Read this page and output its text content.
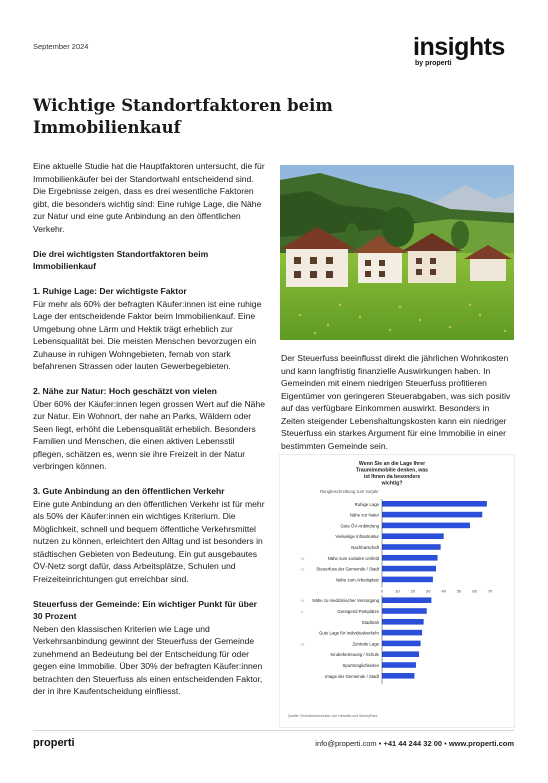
September 2024	insights
by properti
Wichtige Standortfaktoren beim Immobilienkauf

Eine aktuelle Studie hat die Hauptfaktoren untersucht, die für Immobilienkäufer bei der Standortwahl entscheidend sind. Die Ergebnisse zeigen, dass es drei wesentliche Faktoren gibt, die besonders wichtig sind: Eine ruhige Lage, die Nähe zur Natur und eine gute Anbindung an den öffentlichen Verkehr.

Die drei wichtigsten Standortfaktoren beim Immobilienkauf
1. Ruhige Lage: Der wichtigste Faktor
Für mehr als 60% der befragten Käufer:innen ist eine ruhige Lage der entscheidende Faktor beim Immobilienkauf. Eine Umgebung ohne Lärm und Hektik trägt erheblich zur Lebensqualität bei. Die meisten Menschen bevorzugen ein Zuhause in ruhigen Wohngebieten, fernab von stark befahrenen Strassen oder lauten Gewerbegebieten.
2. Nähe zur Natur: Hoch geschätzt von vielen
Über 60% der Käufer:innen legen grossen Wert auf die Nähe zur Natur. Ein Wohnort, der nahe an Parks, Wäldern oder Seen liegt, erhöht die Lebensqualität erheblich. Besonders Familien und Menschen, die einen aktiven Lebensstil pflegen, schätzen es, wenn sie ihre Freizeit in der Natur verbringen können.
3. Gute Anbindung an den öffentlichen Verkehr
Eine gute Anbindung an den öffentlichen Verkehr ist für mehr als 50% der Käufer:innen ein wichtiges Kriterium. Die Möglichkeit, schnell und bequem öffentliche Verkehrsmittel nutzen zu können, erleichtert den Alltag und ist besonders in städtischen Gebieten von Bedeutung. Ein gut ausgebautes ÖV-Netz sorgt dafür, dass Arbeitsplätze, Schulen und Freizeiteinrichtungen gut erreichbar sind.
Steuerfuss der Gemeinde: Ein wichtiger Punkt für über 30 Prozent
Neben den klassischen Kriterien wie Lage und Verkehrsanbindung gewinnt der Steuerfuss der Gemeinde zunehmend an Bedeutung bei der Entscheidung für oder gegen eine Immobilie. Über 30% der befragten Käufer:innen betrachten den Steuerfuss als einen entscheidenden Faktor, der in ihre Kaufentscheidung einfliesst.

Der Steuerfuss beeinflusst direkt die jährlichen Wohnkosten und kann langfristig finanzielle Auswirkungen haben. In Gemeinden mit einem niedrigen Steuerfuss profitieren Eigentümer von geringeren Steuerabgaben, was sich positiv auf das verfügbare Einkommen auswirkt. Besonders in Zeiten steigender Lebenshaltungskosten kann ein niedriger Steuerfuss ein starkes Argument für eine Immobilie in einer bestimmten Gemeinde sein.

Wenn Sie an die Lage Ihrer
Traumimmobilie denken, was
ist Ihnen da besonders
wichtig?
Rangbeschreibung zum Vorjahr
Ruhige Lage
Nähe zur Natur
Gute ÖV-Anbindung
Vielseitige Infrastruktur
Nachbarschaft
Nähe zum sozialen Umfeld
+1
Steuerfuss der Gemeinde / Stadt
+1
Nähe zum Arbeitsplatz
0	10	20	30	40	50	60	70
Nähe zu medizinischer Versorgung
+1
Genügend Parkplätze
-1
Stadtnah
Gute Lage für Individualverkehr
Zentrale Lage
+1
Kinderbetreuung / Schule
Sportmöglichkeiten
Image der Gemeinde / Stadt
Quelle: Wohnimmomonitor von Helvetia und MoneyPark
properti	info@properti.com • +41 44 244 32 00 • www.properti.com
